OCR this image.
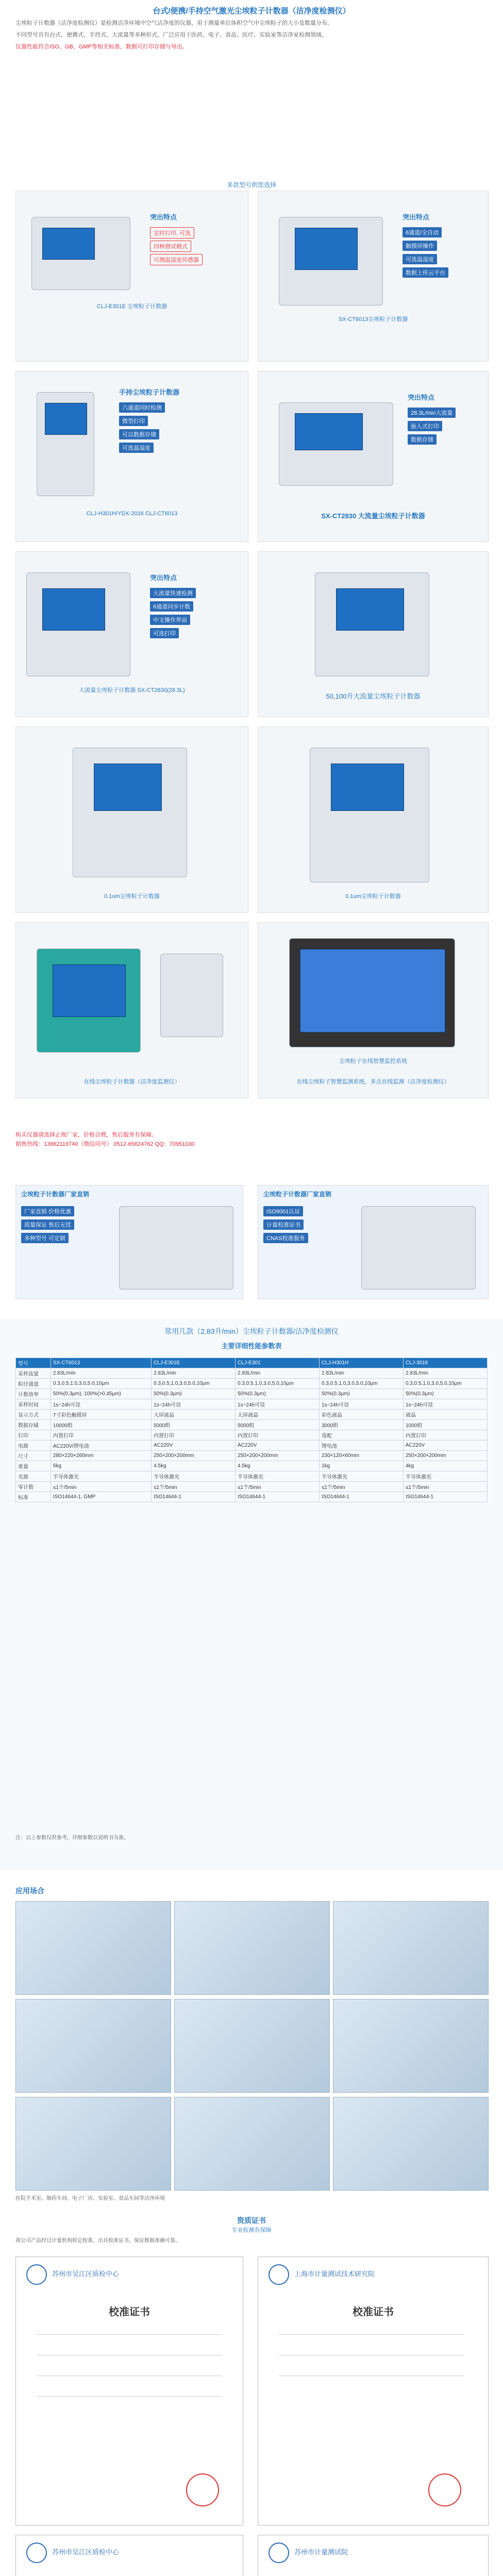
台式/便携/手持空气激光尘埃粒子计数器（洁净度检测仪）

尘埃粒子计数器（洁净度检测仪）是检测洁净环境中空气洁净度的仪器，用于测量单位体积空气中尘埃粒子的大小及数量分布。

不同型号具有台式、便携式、手持式、大流量等多种形式，广泛应用于医药、电子、食品、医疗、实验室等洁净室检测领域。

仪器性能符合ISO、GB、GMP等相关标准，数据可打印存储与导出。

多款型号供您选择
突出特点
定时打印, 可选
四种测试模式
可测温湿度传感器
CLJ-E301E 尘埃粒子计数器
突出特点
6通道/全自动
触摸屏操作
可选温湿度
数据上传云平台
SX-CT6013尘埃粒子计数器
手持尘埃粒子计数器
六通道同时检测
微型打印
可以数据存储
可选温湿度
CLJ-H301H/YDX-2016 CLJ-CT6013
突出特点
28.3L/min大流量
嵌入式打印
数据存储
SX-CT2830 大流量尘埃粒子计数器
突出特点
大流量快速检测
6通道同步计数
中文操作界面
可选打印
大流量尘埃粒子计数器 SX-CT2830(28.3L)
50,100升大流量尘埃粒子计数器
0.1um尘埃粒子计数器	0.1um尘埃粒子计数器
在线尘埃粒子计数器（洁净度监测仪）
尘埃粒子在线智慧监控系统
在线尘埃粒子智慧监测系统，多点在线监测（洁净度检测仪）
购买仪器请选择正规厂家，价格合理，售后服务有保障。
销售热线：13962119740（微信同号） 0512-65624762 QQ：70951030
尘埃粒子计数器厂家直销
厂家直销 价格优惠
质量保证 售后无忧
多种型号 可定制
尘埃粒子计数器厂家直销
ISO9001认证
计量校准证书
CNAS校准服务
常用几款（2.83升/min）尘埃粒子计数器/洁净度检测仪
主要详细性能参数表
型号	SX-CT6013	CLJ-E301E	CLJ-E301	CLJ-H301H	CLJ-3016
采样流量	2.83L/min	2.83L/min	2.83L/min	2.83L/min	2.83L/min
粒径通道	0.3,0.5,1.0,3.0,5.0,10μm	0.3,0.5,1.0,3.0,5.0,10μm	0.3,0.5,1.0,3.0,5.0,10μm	0.3,0.5,1.0,3.0,5.0,10μm	0.3,0.5,1.0,3.0,5.0,10μm
计数效率	50%(0.3μm), 100%(>0.45μm)	50%(0.3μm)	50%(0.3μm)	50%(0.3μm)	50%(0.3μm)
采样时间	1s~24h可设	1s~24h可设	1s~24h可设	1s~24h可设	1s~24h可设
显示方式	7寸彩色触摸屏	大屏液晶	大屏液晶	彩色液晶	液晶
数据存储	10000组	5000组	5000组	3000组	1000组
打印	内置打印	内置打印	内置打印	选配	内置打印
电源	AC220V/锂电池	AC220V	AC220V	锂电池	AC220V
尺寸	280×220×260mm	250×200×200mm	250×200×200mm	230×120×60mm	250×200×200mm
重量	5kg	4.5kg	4.5kg	1kg	4kg
光源	半导体激光	半导体激光	半导体激光	半导体激光	半导体激光
零计数	≤1个/5min	≤1个/5min	≤1个/5min	≤1个/5min	≤1个/5min
标准	ISO14644-1, GMP	ISO14644-1	ISO14644-1	ISO14644-1	ISO14644-1
注：以上参数仅供参考，详细参数以说明书为准。
应用场合
医院手术室、制药车间、电子厂房、实验室、食品车间等洁净环境
资质证书
专业检测有保障
我公司产品经过计量机构检定校准，出具校准证书，保证数据准确可靠。
苏州市吴江区质检中心
校准证书
上海市计量测试技术研究院
校准证书
苏州市吴江区质检中心	苏州市计量测试院
